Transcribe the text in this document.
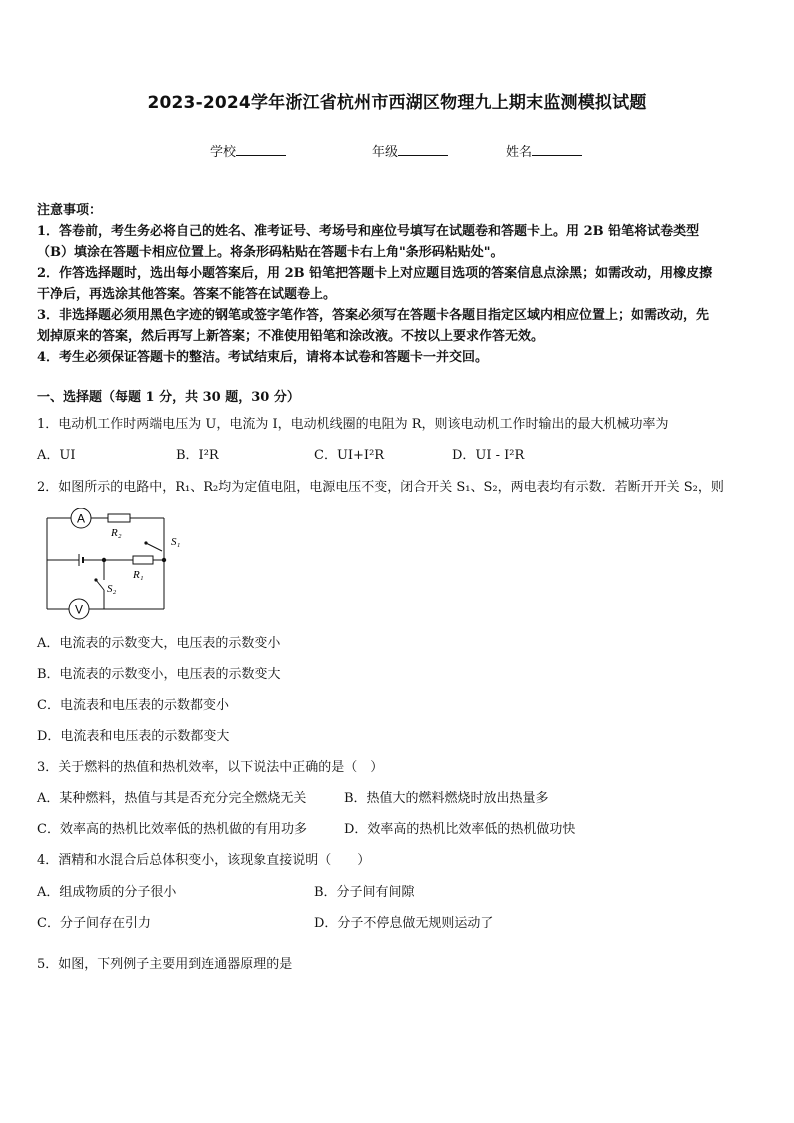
2023-2024学年浙江省杭州市西湖区物理九上期末监测模拟试题
学校	年级	姓名
注意事项：
1．答卷前，考生务必将自己的姓名、准考证号、考场号和座位号填写在试题卷和答题卡上。用 2B 铅笔将试卷类型
（B）填涂在答题卡相应位置上。将条形码粘贴在答题卡右上角"条形码粘贴处"。
2．作答选择题时，选出每小题答案后，用 2B 铅笔把答题卡上对应题目选项的答案信息点涂黑；如需改动，用橡皮擦
干净后，再选涂其他答案。答案不能答在试题卷上。
3．非选择题必须用黑色字迹的钢笔或签字笔作答，答案必须写在答题卡各题目指定区域内相应位置上；如需改动，先
划掉原来的答案，然后再写上新答案；不准使用铅笔和涂改液。不按以上要求作答无效。
4．考生必须保证答题卡的整洁。考试结束后，请将本试卷和答题卡一并交回。
一、选择题（每题 1 分，共 30 题，30 分）
1．电动机工作时两端电压为 U，电流为 I，电动机线圈的电阻为 R，则该电动机工作时输出的最大机械功率为
A．UI	B．I²R	C．UI+I²R	D．UI - I²R
2．如图所示的电路中，R₁、R₂均为定值电阻，电源电压不变，闭合开关 S₁、S₂，两电表均有示数．若断开开关 S₂，则
A
V
R₂
R₁
S₁
S₂
A．电流表的示数变大，电压表的示数变小
B．电流表的示数变小，电压表的示数变大
C．电流表和电压表的示数都变小
D．电流表和电压表的示数都变大
3．关于燃料的热值和热机效率，以下说法中正确的是（　）
A．某种燃料，热值与其是否充分完全燃烧无关	B．热值大的燃料燃烧时放出热量多
C．效率高的热机比效率低的热机做的有用功多	D．效率高的热机比效率低的热机做功快
4．酒精和水混合后总体积变小，该现象直接说明（　　）
A．组成物质的分子很小	B．分子间有间隙
C．分子间存在引力	D．分子不停息做无规则运动了
5．如图，下列例子主要用到连通器原理的是
